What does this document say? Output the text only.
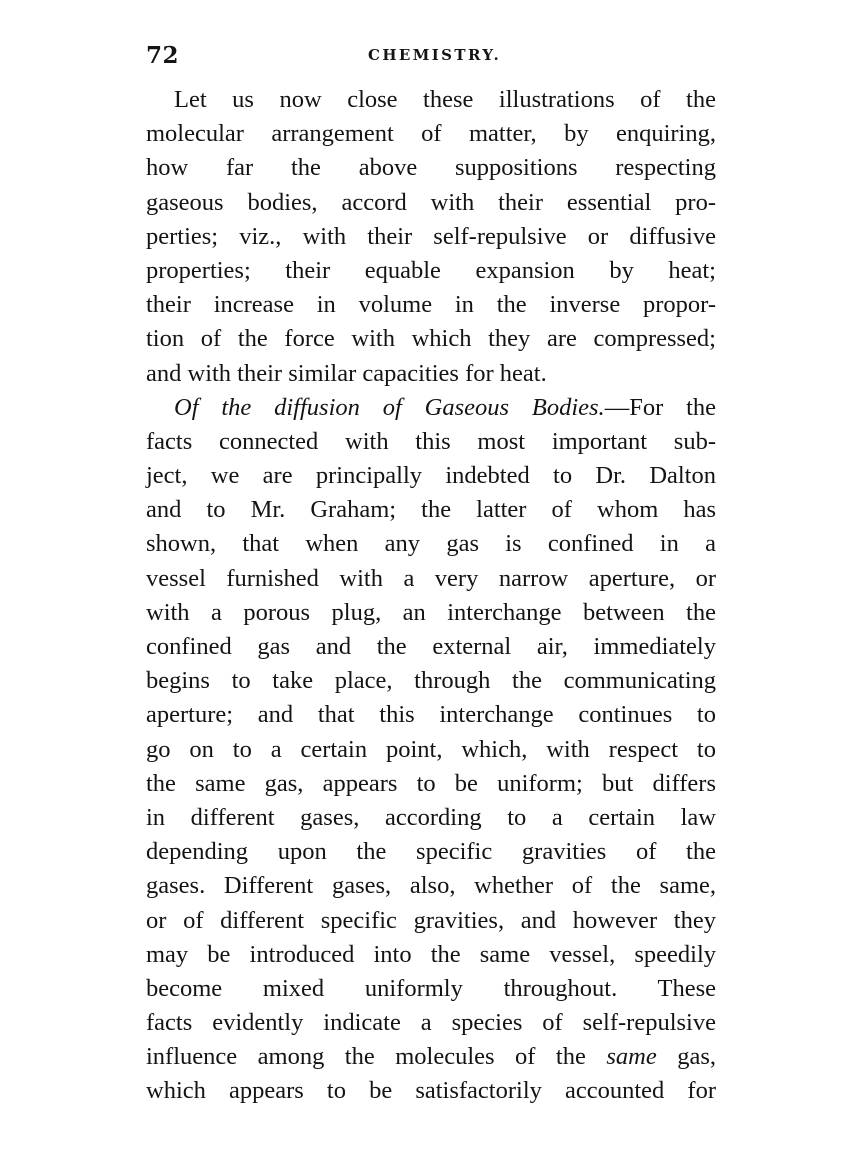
72	CHEMISTRY.
Let us now close these illustrations of the
molecular arrangement of matter, by enquiring,
how far the above suppositions respecting
gaseous bodies, accord with their essential pro-
perties; viz., with their self-repulsive or diffusive
properties; their equable expansion by heat;
their increase in volume in the inverse propor-
tion of the force with which they are compressed;
and with their similar capacities for heat.
Of the diffusion of Gaseous Bodies.—For the
facts connected with this most important sub-
ject, we are principally indebted to Dr. Dalton
and to Mr. Graham; the latter of whom has
shown, that when any gas is confined in a
vessel furnished with a very narrow aperture, or
with a porous plug, an interchange between the
confined gas and the external air, immediately
begins to take place, through the communicating
aperture; and that this interchange continues to
go on to a certain point, which, with respect to
the same gas, appears to be uniform; but differs
in different gases, according to a certain law
depending upon the specific gravities of the
gases. Different gases, also, whether of the same,
or of different specific gravities, and however they
may be introduced into the same vessel, speedily
become mixed uniformly throughout. These
facts evidently indicate a species of self-repulsive
influence among the molecules of the same gas,
which appears to be satisfactorily accounted for
